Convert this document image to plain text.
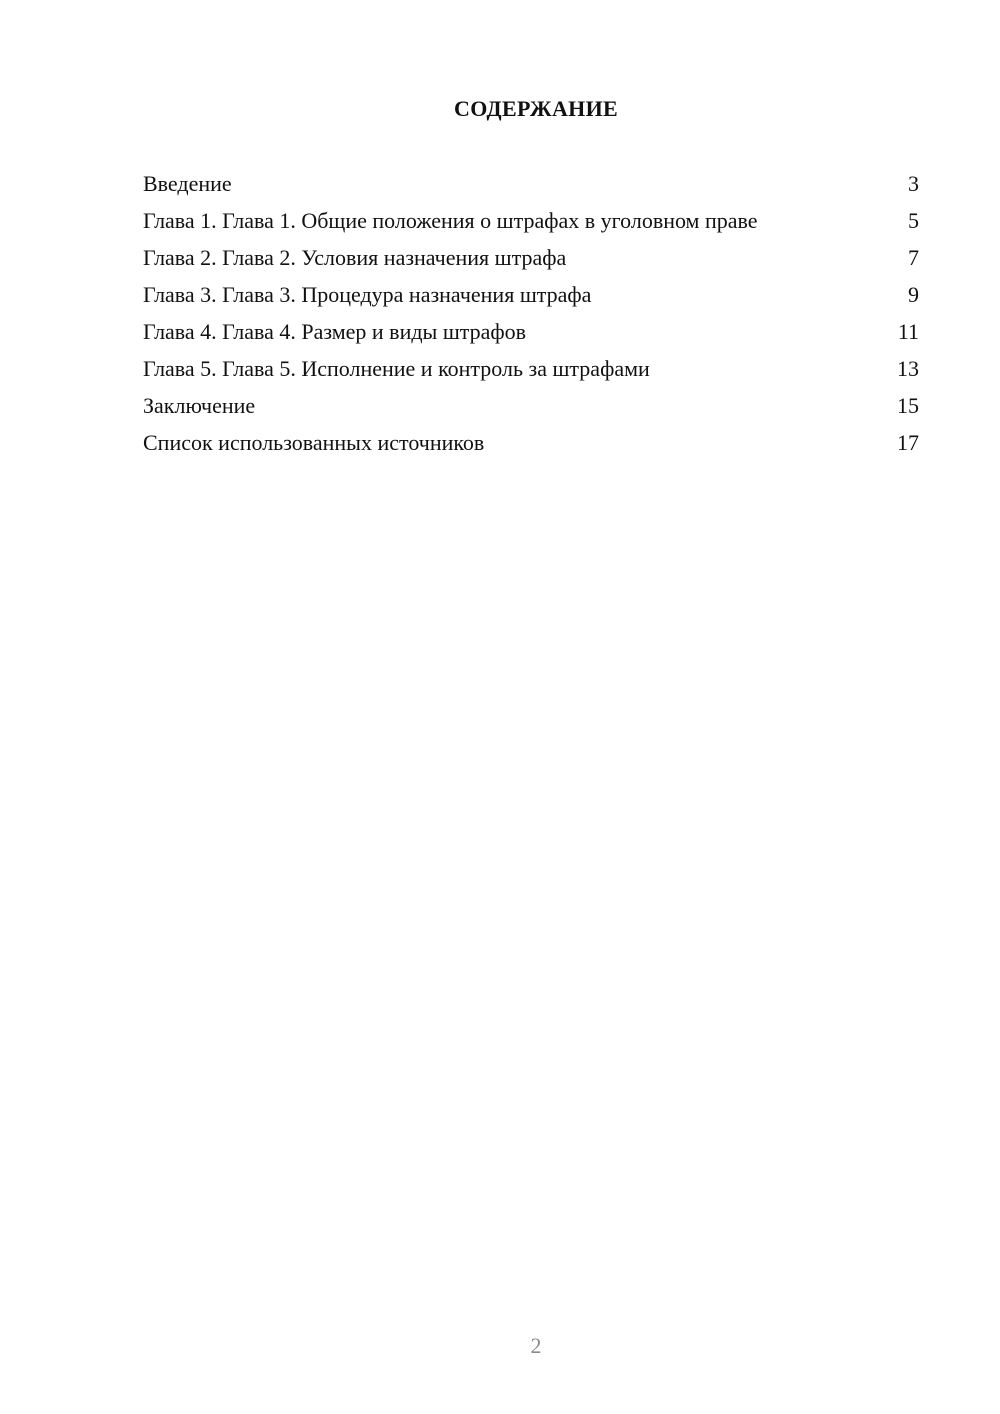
СОДЕРЖАНИЕ
Введение	3
Глава 1. Глава 1. Общие положения о штрафах в уголовном праве	5
Глава 2. Глава 2. Условия назначения штрафа	7
Глава 3. Глава 3. Процедура назначения штрафа	9
Глава 4. Глава 4. Размер и виды штрафов	11
Глава 5. Глава 5. Исполнение и контроль за штрафами	13
Заключение	15
Список использованных источников	17
2
